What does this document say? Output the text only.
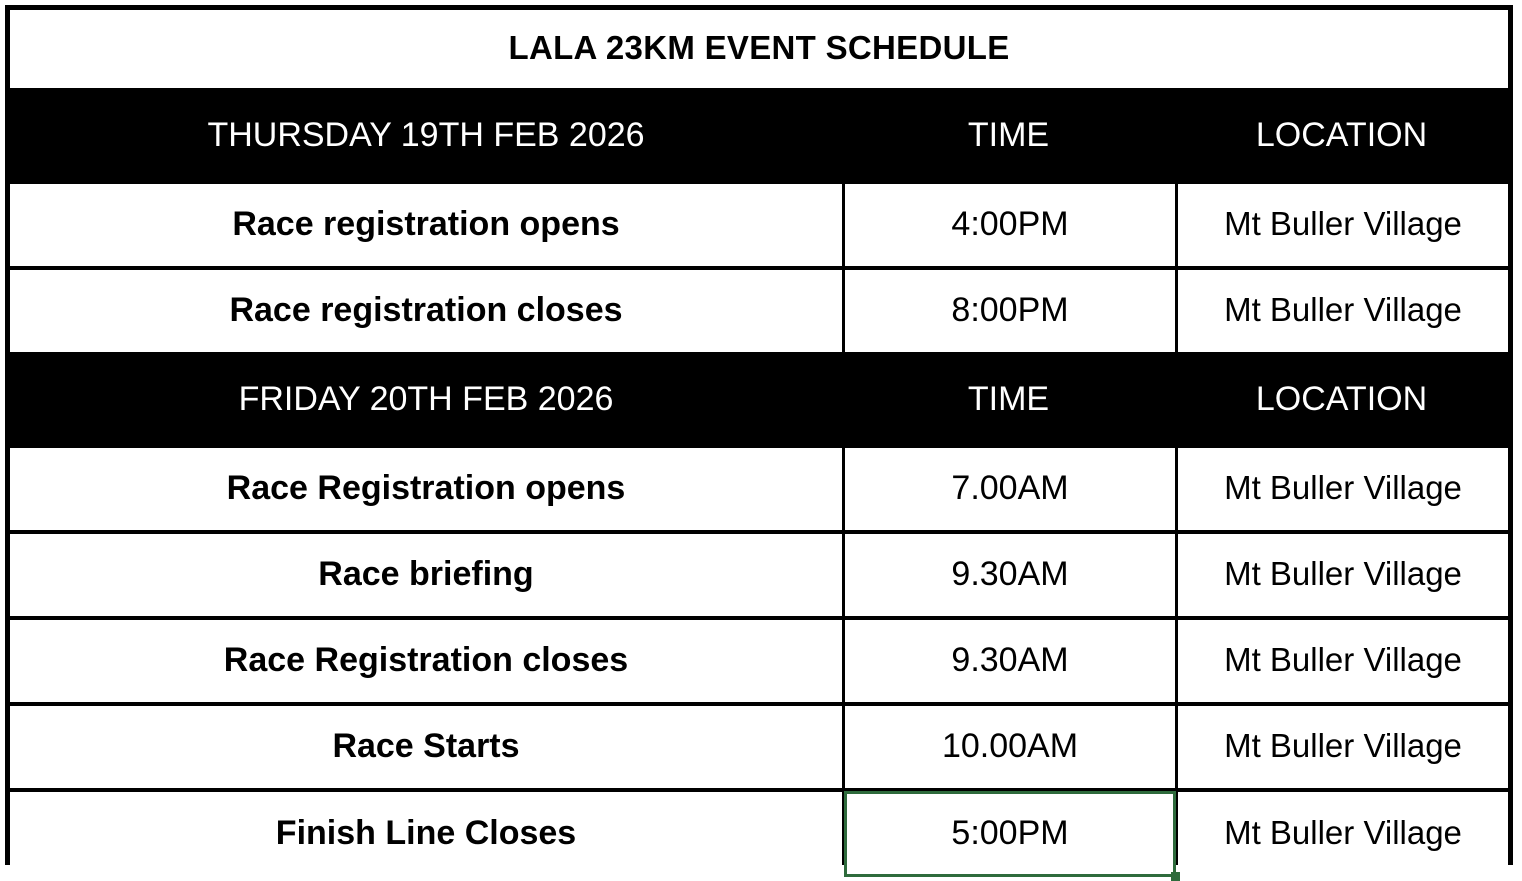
LALA 23KM EVENT SCHEDULE
THURSDAY 19TH FEB 2026	TIME	LOCATION
Race registration opens	4:00PM	Mt Buller Village
Race registration closes	8:00PM	Mt Buller Village
FRIDAY 20TH FEB 2026	TIME	LOCATION
Race Registration opens	7.00AM	Mt Buller Village
Race briefing	9.30AM	Mt Buller Village
Race Registration closes	9.30AM	Mt Buller Village
Race Starts	10.00AM	Mt Buller Village
Finish Line Closes	5:00PM	Mt Buller Village
